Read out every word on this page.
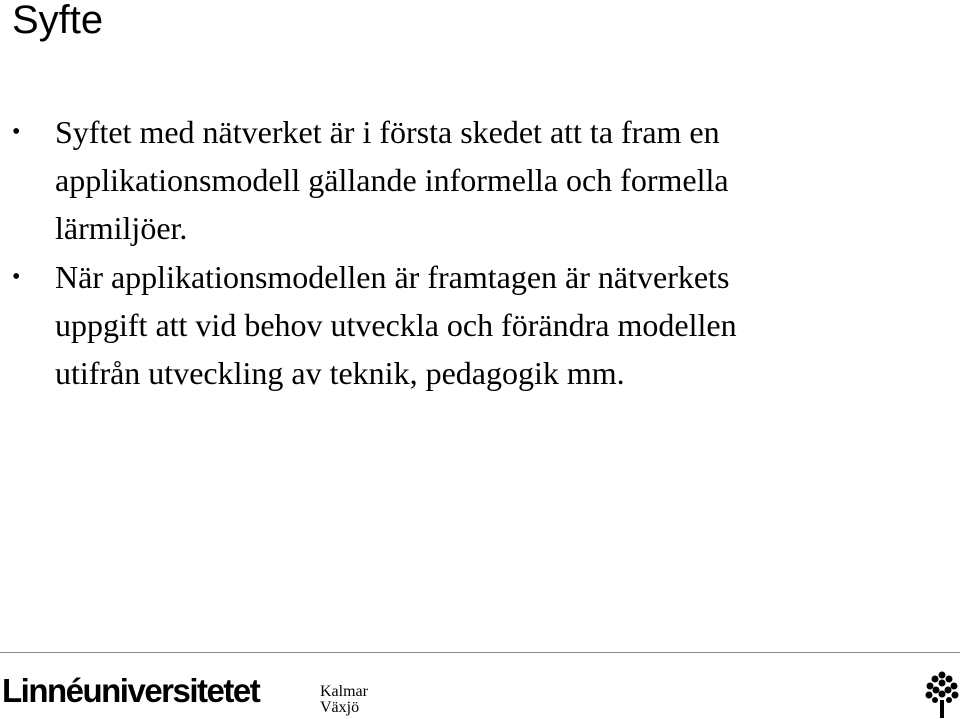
Syfte
• Syftet med nätverket är i första skedet att ta fram en
applikationsmodell gällande informella och formella
lärmiljöer.
• När applikationsmodellen är framtagen är nätverkets
uppgift att vid behov utveckla och förändra modellen
utifrån utveckling av teknik, pedagogik mm.
Linnéuniversitetet	Kalmar
Växjö
